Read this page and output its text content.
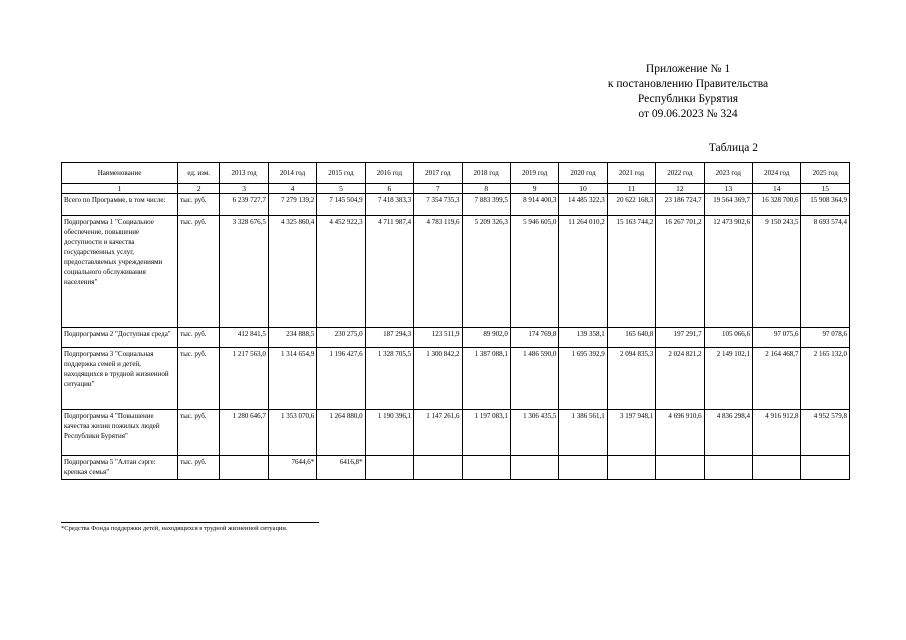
Приложение № 1
к постановлению Правительства
Республики Бурятия
от 09.06.2023 № 324
Таблица 2
Наименование	ед. изм.	2013 год	2014 год	2015 год	2016 год	2017 год	2018 год	2019 год	2020 год	2021 год	2022 год	2023 год	2024 год	2025 год
1	2	3	4	5	6	7	8	9	10	11	12	13	14	15
Всего по Программе, в том числе:	тыс. руб.	6 239 727,7	7 279 139,2	7 145 504,9	7 418 383,3	7 354 735,3	7 883 399,5	8 914 400,3	14 485 322,3	20 622 168,3	23 186 724,7	19 564 369,7	16 328 700,6	15 908 364,9
Подпрограмма 1 "Социальное обеспечение, повышение доступности и качества государственных услуг, предоставляемых учреждениями социального обслуживания населения"	тыс. руб.	3 328 676,5	4 325 860,4	4 452 922,3	4 711 987,4	4 783 119,6	5 209 326,3	5 946 605,0	11 264 010,2	15 163 744,2	16 267 701,2	12 473 902,6	9 150 243,5	8 693 574,4
Подпрограмма 2 "Доступная среда"	тыс. руб.	412 841,5	234 888,5	230 275,0	187 294,3	123 511,9	89 902,0	174 769,8	139 358,1	165 640,8	197 291,7	105 066,6	97 075,6	97 078,6
Подпрограмма 3 "Социальная поддержка семей и детей, находящихся в трудной жизненной ситуации"	тыс. руб.	1 217 563,0	1 314 654,9	1 196 427,6	1 328 705,5	1 300 842,2	1 387 088,1	1 486 590,0	1 695 392,9	2 094 835,3	2 024 821,2	2 149 102,1	2 164 468,7	2 165 132,0
Подпрограмма 4 "Повышение качества жизни пожилых людей Республики Бурятия"	тыс. руб.	1 280 646,7	1 353 070,6	1 264 880,0	1 190 396,1	1 147 261,6	1 197 083,1	1 306 435,5	1 386 561,1	3 197 948,1	4 696 910,6	4 836 298,4	4 916 912,8	4 952 579,8
Подпрограмма 5 "Алтан сэрге: крепкая семья"	тыс. руб.		7644,6*	6416,8*										
*Средства Фонда поддержки детей, находящихся в трудной жизненной ситуации.
